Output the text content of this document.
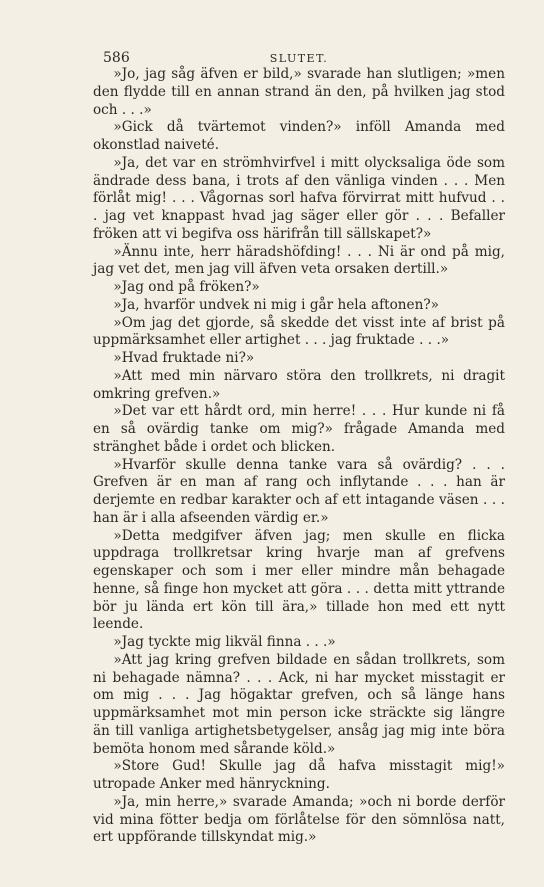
586	SLUTET.

»Jo, jag såg äfven er bild,» svarade han slutligen; »men den flydde till en annan strand än den, på hvilken jag stod och . . .»

»Gick då tvärtemot vinden?» inföll Amanda med okonstlad naiveté.

»Ja, det var en strömhvirfvel i mitt olycksaliga öde som ändrade dess bana, i trots af den vänliga vinden . . . Men förlåt mig! . . . Vågornas sorl hafva förvirrat mitt hufvud . . . jag vet knappast hvad jag säger eller gör . . . Befaller fröken att vi begifva oss härifrån till sällskapet?»

»Ännu inte, herr häradshöfding! . . . Ni är ond på mig, jag vet det, men jag vill äfven veta orsaken dertill.»

»Jag ond på fröken?»

»Ja, hvarför undvek ni mig i går hela aftonen?»

»Om jag det gjorde, så skedde det visst inte af brist på uppmärksamhet eller artighet . . . jag fruktade . . .»

»Hvad fruktade ni?»

»Att med min närvaro störa den trollkrets, ni dragit omkring grefven.»

»Det var ett hårdt ord, min herre! . . . Hur kunde ni få en så ovärdig tanke om mig?» frågade Amanda med stränghet både i ordet och blicken.

»Hvarför skulle denna tanke vara så ovärdig? . . . Grefven är en man af rang och inflytande . . . han är derjemte en redbar karakter och af ett intagande väsen . . . han är i alla afseenden värdig er.»

»Detta medgifver äfven jag; men skulle en flicka uppdraga trollkretsar kring hvarje man af grefvens egenskaper och som i mer eller mindre mån behagade henne, så finge hon mycket att göra . . . detta mitt yttrande bör ju lända ert kön till ära,» tillade hon med ett nytt leende.

»Jag tyckte mig likväl finna . . .»

»Att jag kring grefven bildade en sådan trollkrets, som ni behagade nämna? . . . Ack, ni har mycket misstagit er om mig . . . Jag högaktar grefven, och så länge hans uppmärksamhet mot min person icke sträckte sig längre än till vanliga artighetsbetygelser, ansåg jag mig inte böra bemöta honom med sårande köld.»

»Store Gud! Skulle jag då hafva misstagit mig!» utropade Anker med hänryckning.

»Ja, min herre,» svarade Amanda; »och ni borde derför vid mina fötter bedja om förlåtelse för den sömnlösa natt, ert uppförande tillskyndat mig.»
